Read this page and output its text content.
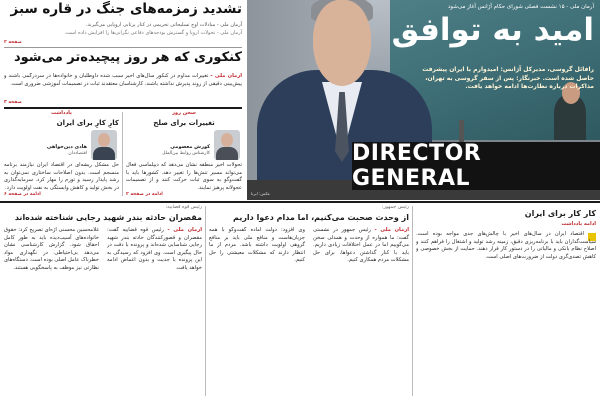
تشدید زمزمه‌های جنگ در قاره سبز
آرمان ملی - مبادلات اوج تسلیحاتی تحریمی در کنار پرتابی اروپایی می‌گیرند.
آرمان ملی - تحولات اروپا و گسترش بودجه‌های دفاعی نگرانی‌ها را افزایش داده است.
صفحه ۲
کنکوری که هر روز پیچیده‌تر می‌شود
آرمان ملی - تغییرات مداوم در کنکور سال‌های اخیر سبب شده داوطلبان و خانواده‌ها در سردرگمی باشند و پیش‌بینی دقیقی از روند پذیرش نداشته باشند. کارشناسان معتقدند ثبات در تصمیمات آموزشی ضروری است.
صفحه ۳
یادداشت
کارِ کارِ برای ایران
هادی دین‌خواهی
اقتصاددان
حل مشکل ریشه‌ای در اقتصاد ایران نیازمند برنامه منسجم است. بدون اصلاحات ساختاری نمی‌توان به رشد پایدار رسید و تورم را مهار کرد. سرمایه‌گذاری در بخش تولید و کاهش وابستگی به نفت اولویت دارد.
ادامه در صفحه ۶
سخن روز
تغییرات برای صلح
کورش معصومی
کارشناس روابط بین‌الملل
تحولات اخیر منطقه نشان می‌دهد که دیپلماسی فعال می‌تواند مسیر تنش‌ها را تغییر دهد. کشورها باید با گفت‌وگو به سوی ثبات حرکت کنند و از تصمیمات عجولانه پرهیز نمایند.
ادامه در صفحه ۲
DIRECTOR GENERAL
آرمان ملی - ۱۵ نشست فصلی شورای حکام آژانس آغاز می‌شود
امید به توافق
رافائل گروسی، مدیرکل آژانس: امیدوارم با ایران پیشرفت حاصل شده است. خبرنگار: پس از سفر گروسی به تهران، مذاکرات درباره نظارت‌ها ادامه خواهد یافت.
عکس: ایرنا
رئیس قوه قضاییه:
مقصران حادثه بندر شهید رجایی شناخته شده‌اند
آرمان ملی - رئیس قوه قضاییه گفت: مقصران و قصورکنندگان حادثه بندر شهید رجایی شناسایی شده‌اند و پرونده با دقت در حال پیگیری است. وی افزود که رسیدگی به این پرونده با جدیت و بدون اغماض ادامه خواهد یافت.
غلامحسین محسنی اژه‌ای تصریح کرد: حقوق خانواده‌های آسیب‌دیده باید به طور کامل احقاق شود. گزارش کارشناسی نشان می‌دهد بی‌احتیاطی در نگهداری مواد خطرناک عامل اصلی بوده است. دستگاه‌های نظارتی نیز موظف به پاسخگویی هستند.
رئیس جمهور:
از وحدت صحبت می‌کنیم، اما مدام دعوا داریم
آرمان ملی - رئیس جمهور در نشستی گفت: ما همواره از وحدت و همدلی سخن می‌گوییم اما در عمل اختلافات زیادی داریم. باید با کنار گذاشتن دعواها، برای حل مشکلات مردم همکاری کنیم.
وی افزود: دولت آماده گفت‌وگو با همه جریان‌هاست و منافع ملی باید بر منافع گروهی اولویت داشته باشد. مردم از ما انتظار دارند که مشکلات معیشتی را حل کنیم.
کار کار برای ایران
ادامه یادداشت
اقتصاد ایران در سال‌های اخیر با چالش‌های جدی مواجه بوده است. سیاست‌گذاران باید با برنامه‌ریزی دقیق، زمینه رشد تولید و اشتغال را فراهم کنند و اصلاح نظام بانکی و مالیاتی را در دستور کار قرار دهند. حمایت از بخش خصوصی و کاهش تصدی‌گری دولت از ضرورت‌های اصلی است.
